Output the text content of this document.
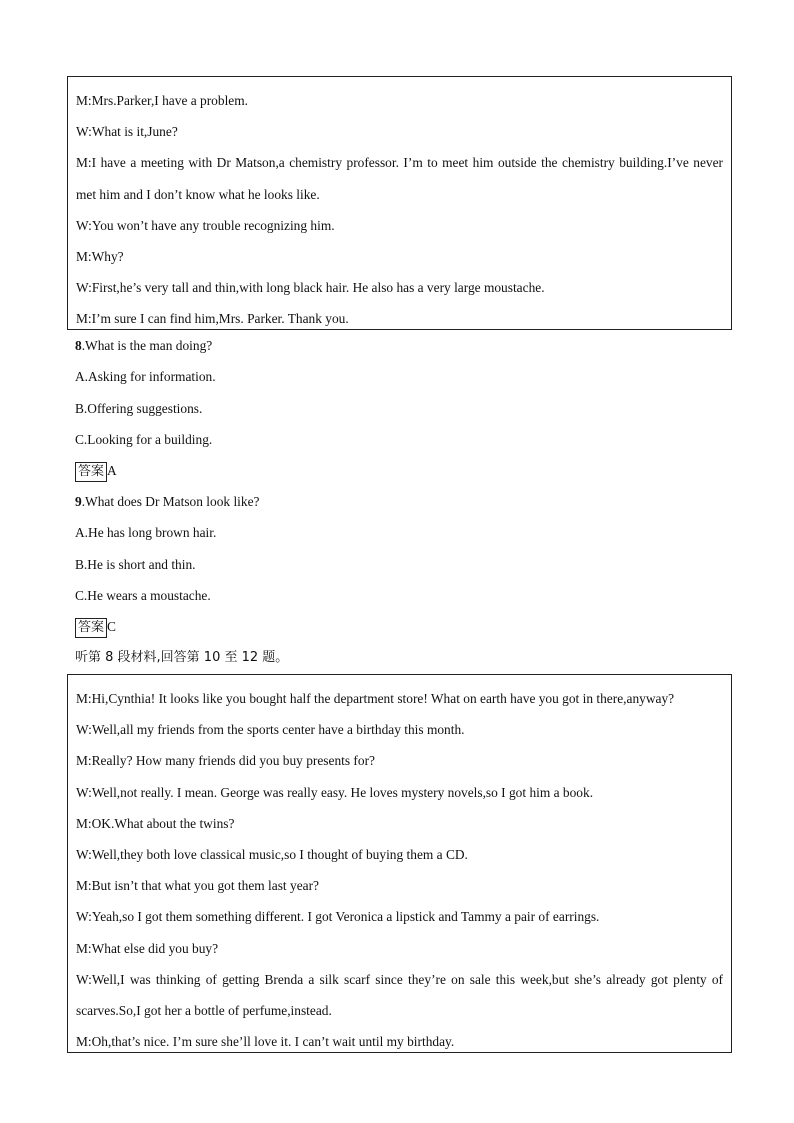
M:Mrs.Parker,I have a problem.
W:What is it,June?
M:I have a meeting with Dr Matson,a chemistry professor. I’m to meet him outside the chemistry building.I’ve never met him and I don’t know what he looks like.
W:You won’t have any trouble recognizing him.
M:Why?
W:First,he’s very tall and thin,with long black hair. He also has a very large moustache.
M:I’m sure I can find him,Mrs. Parker. Thank you.
8.What is the man doing?
A.Asking for information.
B.Offering suggestions.
C.Looking for a building.
答案 A
9.What does Dr Matson look like?
A.He has long brown hair.
B.He is short and thin.
C.He wears a moustache.
答案 C
听第 8 段材料,回答第 10 至 12 题。
M:Hi,Cynthia! It looks like you bought half the department store! What on earth have you got in there,anyway?
W:Well,all my friends from the sports center have a birthday this month.
M:Really? How many friends did you buy presents for?
W:Well,not really. I mean. George was really easy. He loves mystery novels,so I got him a book.
M:OK.What about the twins?
W:Well,they both love classical music,so I thought of buying them a CD.
M:But isn’t that what you got them last year?
W:Yeah,so I got them something different. I got Veronica a lipstick and Tammy a pair of earrings.
M:What else did you buy?
W:Well,I was thinking of getting Brenda a silk scarf since they’re on sale this week,but she’s already got plenty of scarves.So,I got her a bottle of perfume,instead.
M:Oh,that’s nice. I’m sure she’ll love it. I can’t wait until my birthday.
